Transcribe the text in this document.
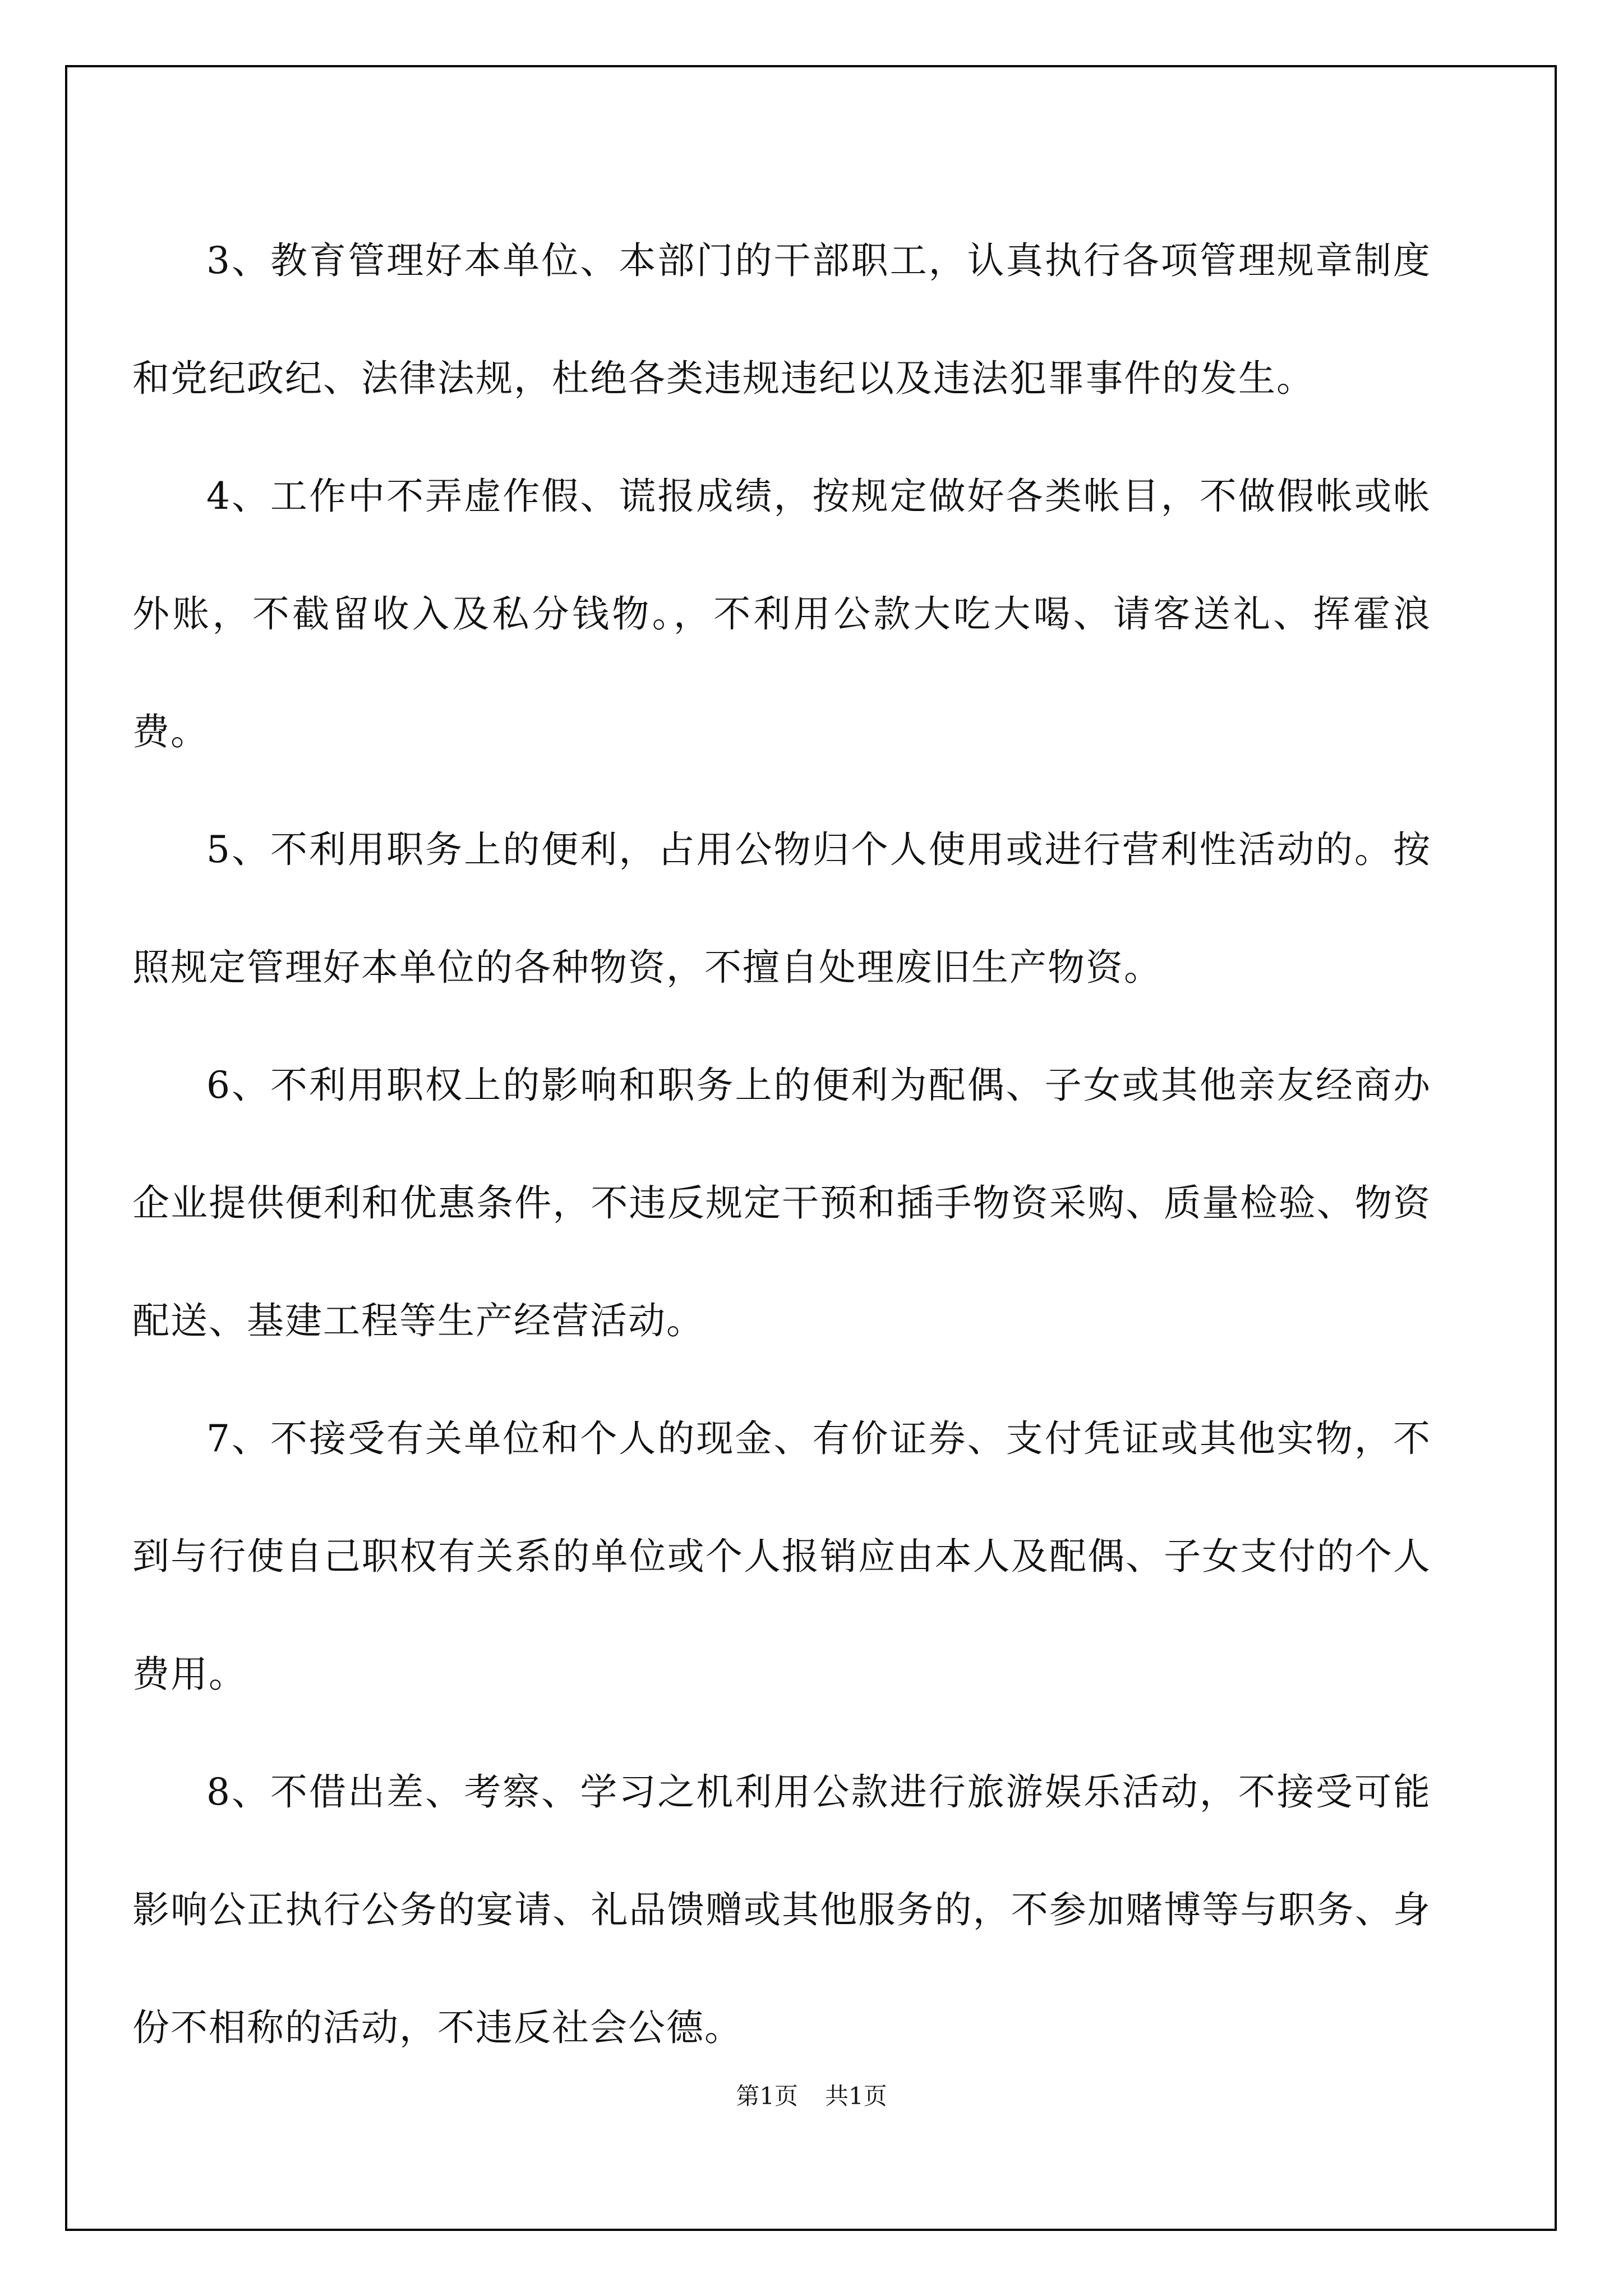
3、教育管理好本单位、本部门的干部职工，认真执行各项管理规章制度和党纪政纪、法律法规，杜绝各类违规违纪以及违法犯罪事件的发生。

4、工作中不弄虚作假、谎报成绩，按规定做好各类帐目，不做假帐或帐外账，不截留收入及私分钱物。，不利用公款大吃大喝、请客送礼、挥霍浪费。

5、不利用职务上的便利，占用公物归个人使用或进行营利性活动的。按照规定管理好本单位的各种物资，不擅自处理废旧生产物资。

6、不利用职权上的影响和职务上的便利为配偶、子女或其他亲友经商办企业提供便利和优惠条件，不违反规定干预和插手物资采购、质量检验、物资配送、基建工程等生产经营活动。

7、不接受有关单位和个人的现金、有价证券、支付凭证或其他实物，不到与行使自己职权有关系的单位或个人报销应由本人及配偶、子女支付的个人费用。

8、不借出差、考察、学习之机利用公款进行旅游娱乐活动，不接受可能影响公正执行公务的宴请、礼品馈赠或其他服务的，不参加赌博等与职务、身份不相称的活动，不违反社会公德。

第1页 共1页
